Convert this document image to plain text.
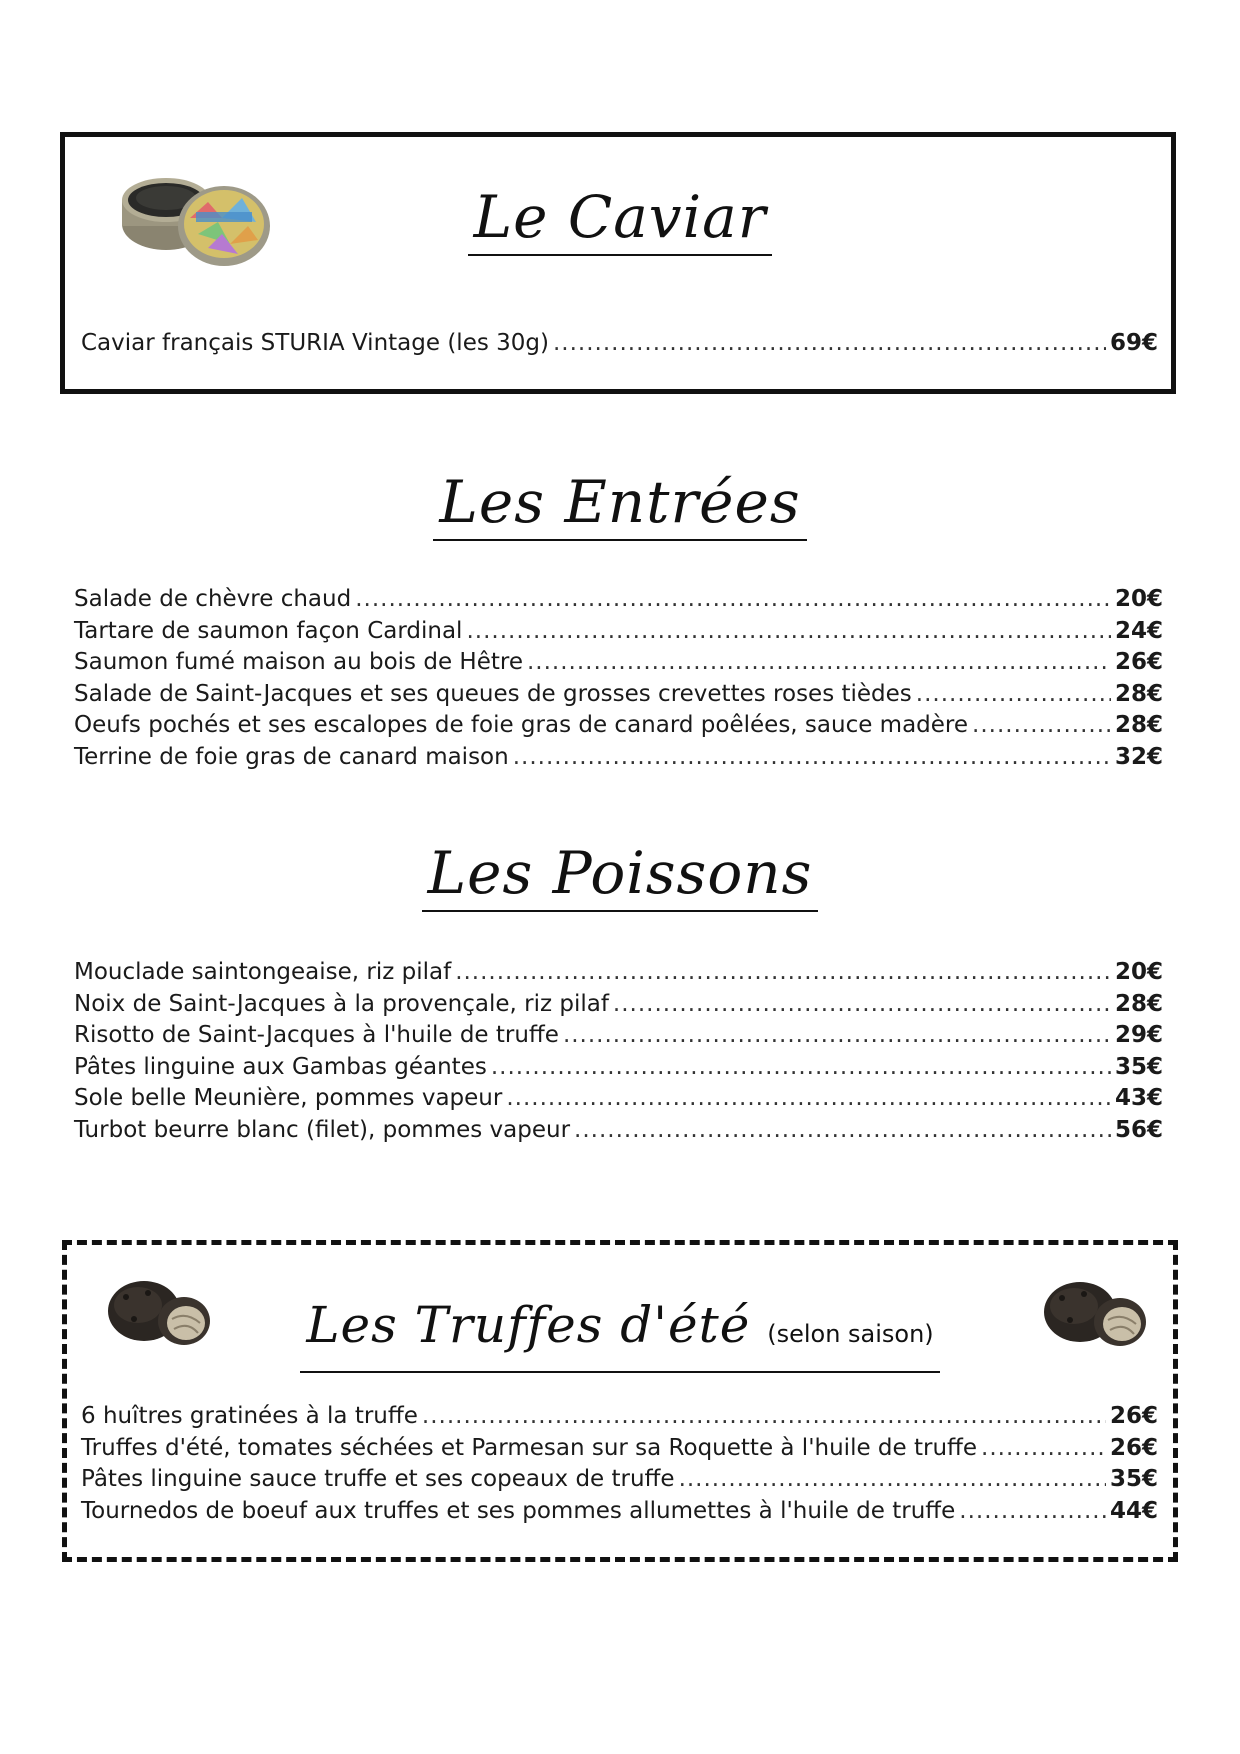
Le Caviar
Caviar français STURIA Vintage (les 30g) .....	69€
Les Entrées
Salade de chèvre chaud .....	20€
Tartare de saumon façon Cardinal .....	24€
Saumon fumé maison au bois de Hêtre .....	26€
Salade de Saint-Jacques et ses queues de grosses crevettes roses tièdes .....	28€
Oeufs pochés et ses escalopes de foie gras de canard poêlées, sauce madère .....	28€
Terrine de foie gras de canard maison .....	32€
Les Poissons
Mouclade saintongeaise, riz pilaf .....	20€
Noix de Saint-Jacques à la provençale, riz pilaf .....	28€
Risotto de Saint-Jacques à l'huile de truffe .....	29€
Pâtes linguine aux Gambas géantes .....	35€
Sole belle Meunière, pommes vapeur .....	43€
Turbot beurre blanc (filet), pommes vapeur .....	56€
Les Truffes d'été (selon saison)
6 huîtres gratinées à la truffe .....	26€
Truffes d'été, tomates séchées et Parmesan sur sa Roquette à l'huile de truffe .....	26€
Pâtes linguine sauce truffe et ses copeaux de truffe .....	35€
Tournedos de boeuf aux truffes et ses pommes allumettes à l'huile de truffe .....	44€
